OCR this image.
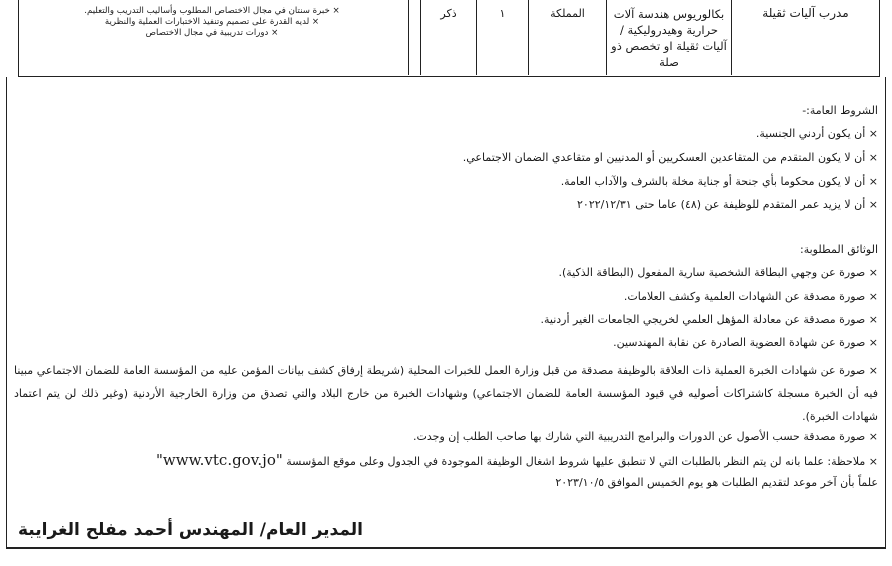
مدرب آليات ثقيلة
بكالوريوس هندسة آلات حرارية وهيدروليكية / آليات ثقيلة او تخصص ذو صلة
المملكة
١
ذكر
× خبرة سنتان في مجال الاختصاص المطلوب وأساليب التدريب والتعليم.
× لديه القدرة على تصميم وتنفيذ الاختبارات العملية والنظرية
× دورات تدريبية في مجال الاختصاص
الشروط العامة:-
× أن يكون أردني الجنسية.
× أن لا يكون المتقدم من المتقاعدين العسكريين أو المدنيين او متقاعدي الضمان الاجتماعي.
× أن لا يكون محكوما بأي جنحة أو جناية مخلة بالشرف والآداب العامة.
× أن لا يزيد عمر المتقدم للوظيفة عن (٤٨) عاما حتى ٢٠٢٢/١٢/٣١
الوثائق المطلوبة:
× صورة عن وجهي البطاقة الشخصية سارية المفعول (البطاقة الذكية).
× صورة مصدقة عن الشهادات العلمية وكشف العلامات.
× صورة مصدقة عن معادلة المؤهل العلمي لخريجي الجامعات الغير أردنية.
× صورة عن شهادة العضوية الصادرة عن نقابة المهندسين.
× صورة عن شهادات الخبرة العملية ذات العلاقة بالوظيفة مصدقة من قبل وزارة العمل للخبرات المحلية (شريطة إرفاق كشف بيانات المؤمن عليه من المؤسسة العامة للضمان الاجتماعي مبينا فيه أن الخبرة مسجلة كاشتراكات أصوليه في قيود المؤسسة العامة للضمان الاجتماعي) وشهادات الخبرة من خارج البلاد والتي تصدق من وزارة الخارجية الأردنية (وغير ذلك لن يتم اعتماد شهادات الخبرة).
× صورة مصدقة حسب الأصول عن الدورات والبرامج التدريبية التي شارك بها صاحب الطلب إن وجدت.
× ملاحظة: علما بانه لن يتم النظر بالطلبات التي لا تنطبق عليها شروط اشغال الوظيفة الموجودة في الجدول وعلى موقع المؤسسة "www.vtc.gov.jo"
علماً بأن آخر موعد لتقديم الطلبات هو يوم الخميس الموافق ٢٠٢٣/١٠/٥
المدير العام/ المهندس أحمد مفلح الغرايبة
